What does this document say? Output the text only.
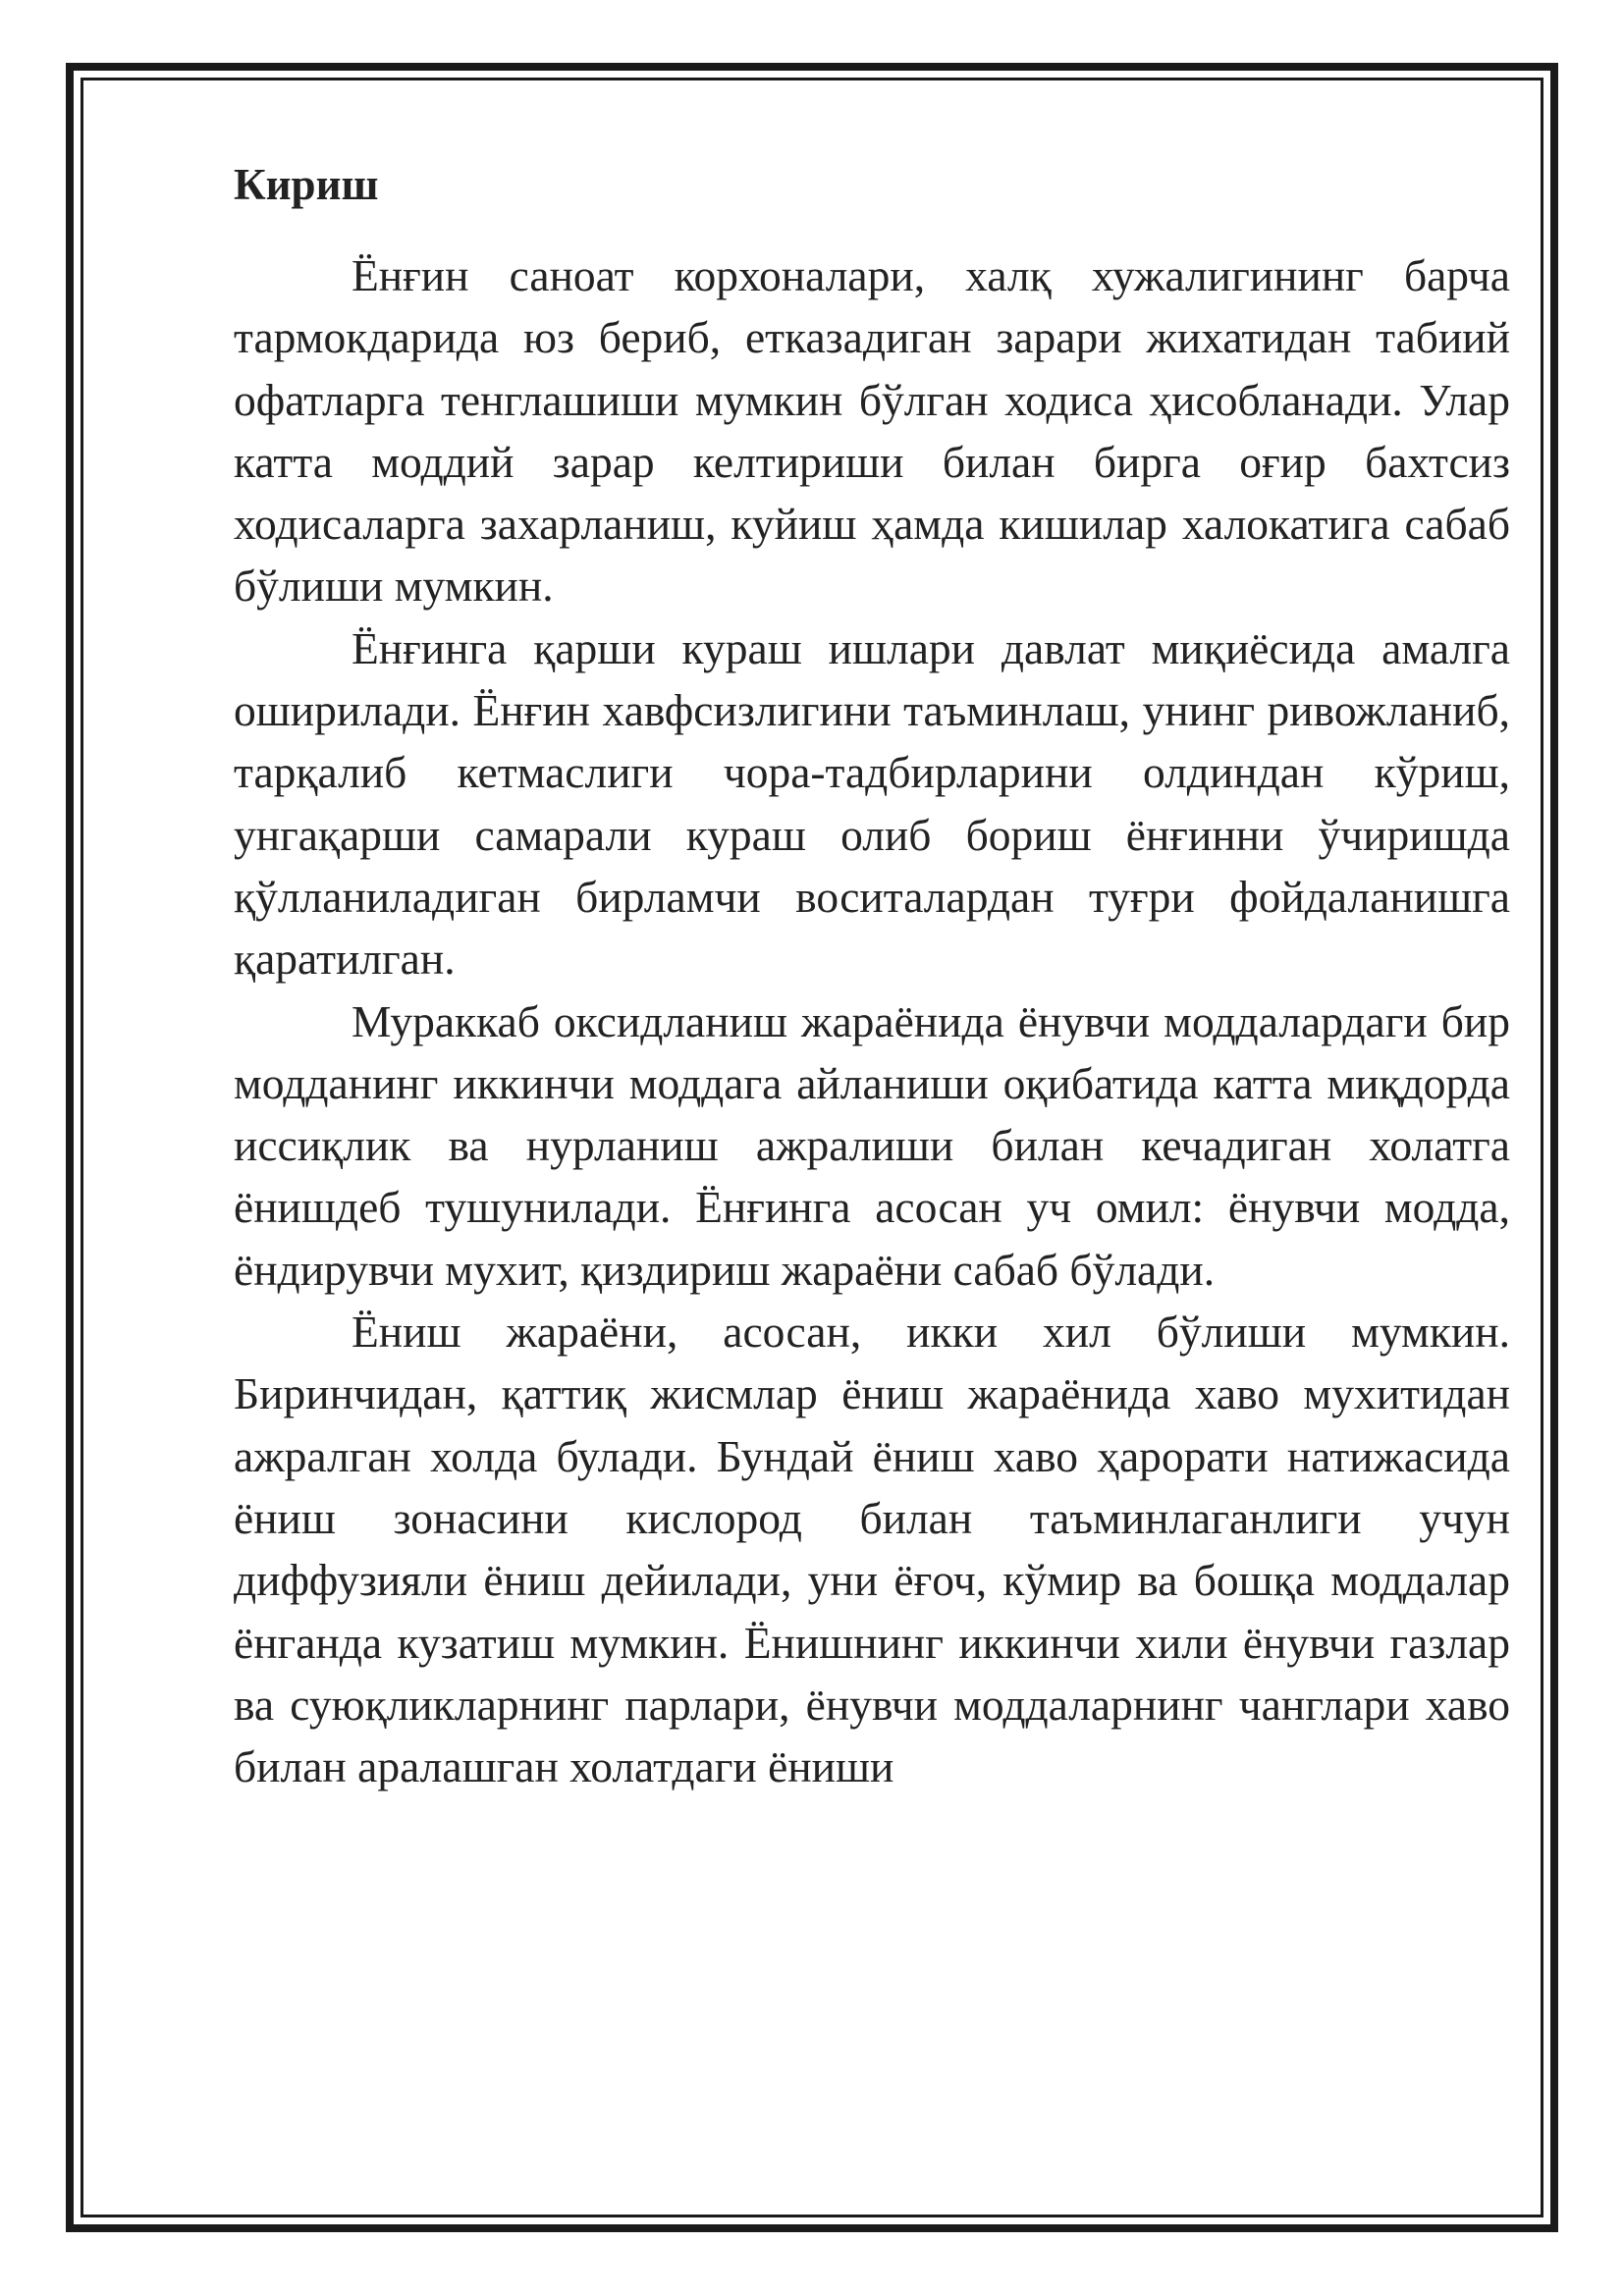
Кириш

Ёнғин саноат корхоналари, халқ хужалигининг барча тармокдарида юз бериб, етказадиган зарари жихатидан табиий офатларга тенглашиши мумкин бўлган ходиса ҳисобланади. Улар катта моддий зарар келтириши билан бирга оғир бахтсиз ходисаларга захарланиш, куйиш ҳамда кишилар халокатига сабаб бўлиши мумкин.

Ёнғинга қарши кураш ишлари давлат миқиёсида амалга оширилади. Ёнғин хавфсизлигини таъминлаш, унинг ривожланиб, тарқалиб кетмаслиги чора-тадбирларини олдиндан кўриш, унгақарши самарали кураш олиб бориш ёнғинни ўчиришда қўлланиладиган бирламчи воситалардан туғри фойдаланишга қаратилган.

Мураккаб оксидланиш жараёнида ёнувчи моддалардаги бир модданинг иккинчи моддага айланиши оқибатида катта миқдорда иссиқлик ва нурланиш ажралиши билан кечадиган холатга ёнишдеб тушунилади. Ёнғинга асосан уч омил: ёнувчи модда, ёндирувчи мухит, қиздириш жараёни сабаб бўлади.

Ёниш жараёни, асосан, икки хил бўлиши мумкин. Биринчидан, қаттиқ жисмлар ёниш жараёнида хаво мухитидан ажралган холда булади. Бундай ёниш хаво ҳарорати натижасида ёниш зонасини кислород билан таъминлаганлиги учун диффузияли ёниш дейилади, уни ёғоч, кўмир ва бошқа моддалар ёнганда кузатиш мумкин. Ёнишнинг иккинчи хили ёнувчи газлар ва суюқликларнинг парлари, ёнувчи моддаларнинг чанглари хаво билан аралашган холатдаги ёниши
